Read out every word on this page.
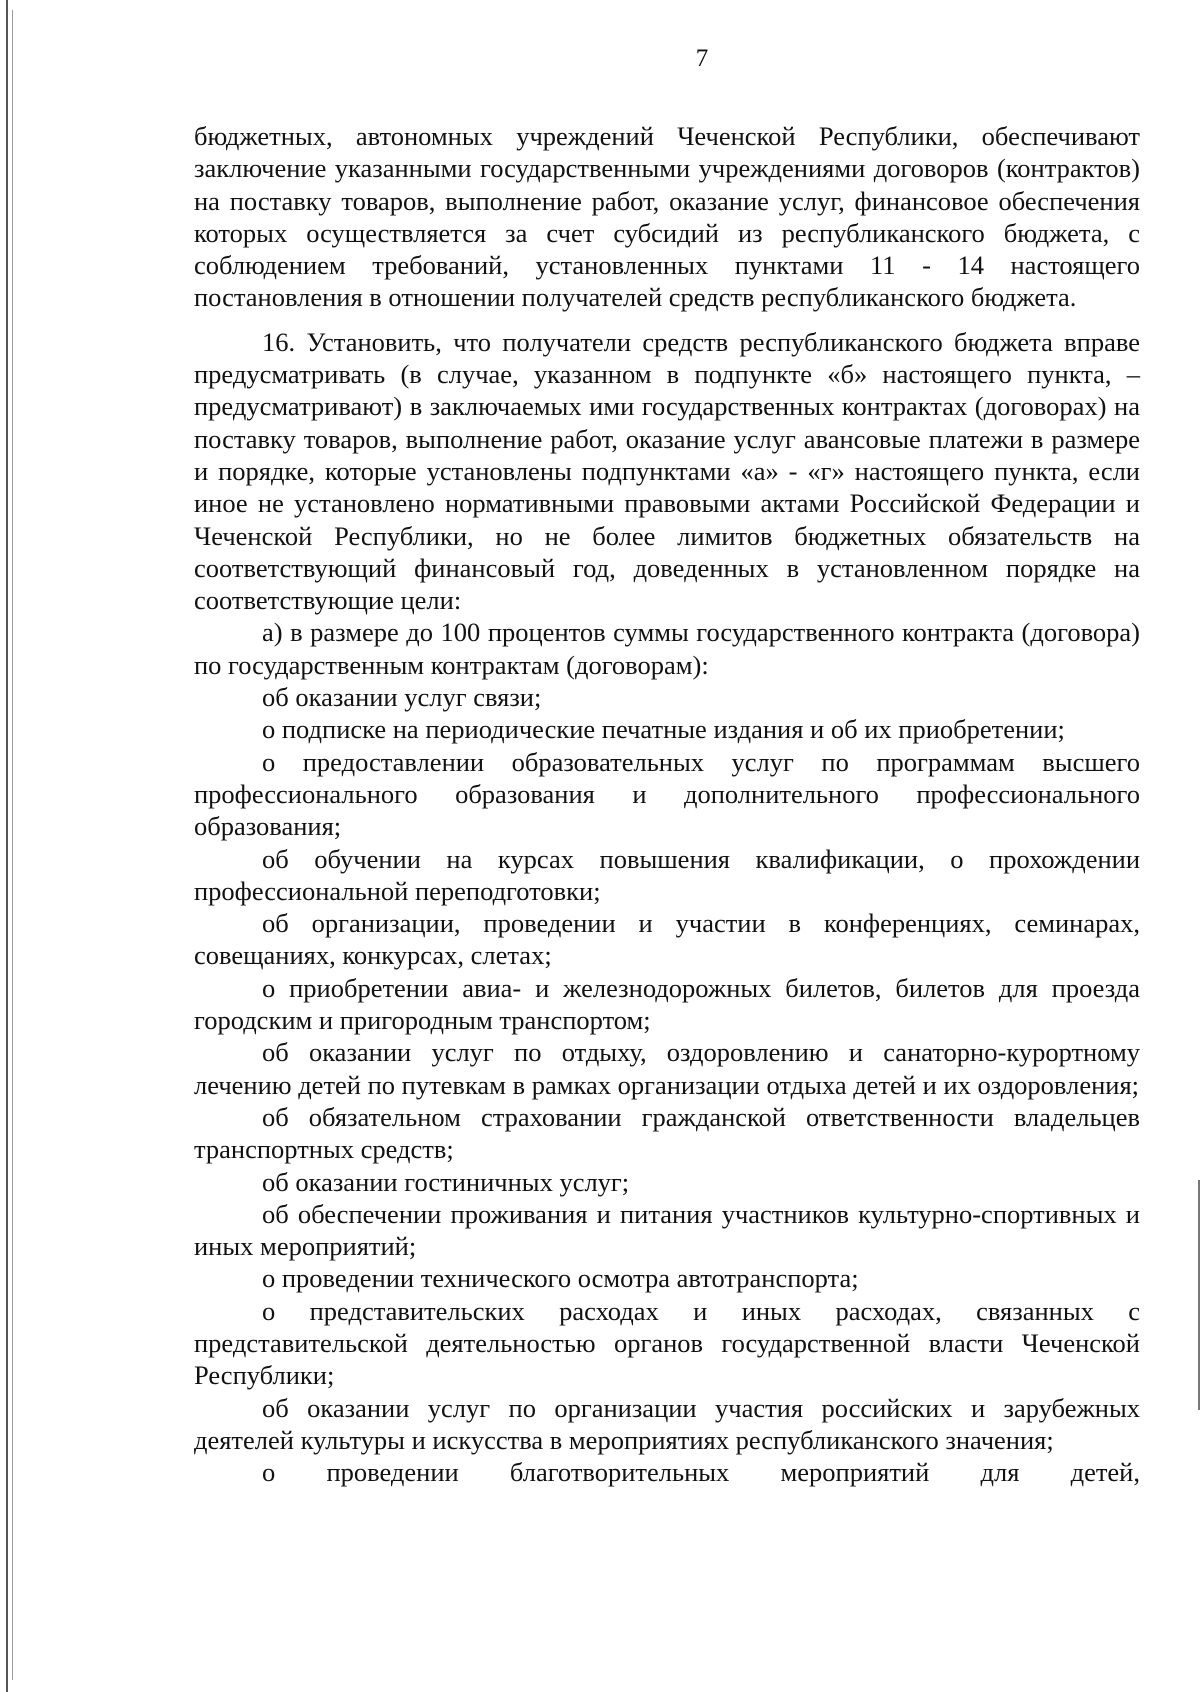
7

бюджетных, автономных учреждений Чеченской Республики, обеспечивают заключение указанными государственными учреждениями договоров (контрактов) на поставку товаров, выполнение работ, оказание услуг, финансовое обеспечения которых осуществляется за счет субсидий из республиканского бюджета, с соблюдением требований, установленных пунктами 11 - 14 настоящего постановления в отношении получателей средств республиканского бюджета.

16. Установить, что получатели средств республиканского бюджета вправе предусматривать (в случае, указанном в подпункте «б» настоящего пункта, – предусматривают) в заключаемых ими государственных контрактах (договорах) на поставку товаров, выполнение работ, оказание услуг авансовые платежи в размере и порядке, которые установлены подпунктами «а» - «г» настоящего пункта, если иное не установлено нормативными правовыми актами Российской Федерации и Чеченской Республики, но не более лимитов бюджетных обязательств на соответствующий финансовый год, доведенных в установленном порядке на соответствующие цели:

а) в размере до 100 процентов суммы государственного контракта (договора) по государственным контрактам (договорам):

об оказании услуг связи;

о подписке на периодические печатные издания и об их приобретении;

о предоставлении образовательных услуг по программам высшего профессионального образования и дополнительного профессионального образования;

об обучении на курсах повышения квалификации, о прохождении профессиональной переподготовки;

об организации, проведении и участии в конференциях, семинарах, совещаниях, конкурсах, слетах;

о приобретении авиа- и железнодорожных билетов, билетов для проезда городским и пригородным транспортом;

об оказании услуг по отдыху, оздоровлению и санаторно-курортному лечению детей по путевкам в рамках организации отдыха детей и их оздоровления;

об обязательном страховании гражданской ответственности владельцев транспортных средств;

об оказании гостиничных услуг;

об обеспечении проживания и питания участников культурно-спортивных и иных мероприятий;

о проведении технического осмотра автотранспорта;

о представительских расходах и иных расходах, связанных с представительской деятельностью органов государственной власти Чеченской Республики;

об оказании услуг по организации участия российских и зарубежных деятелей культуры и искусства в мероприятиях республиканского значения;

о проведении благотворительных мероприятий для детей,
